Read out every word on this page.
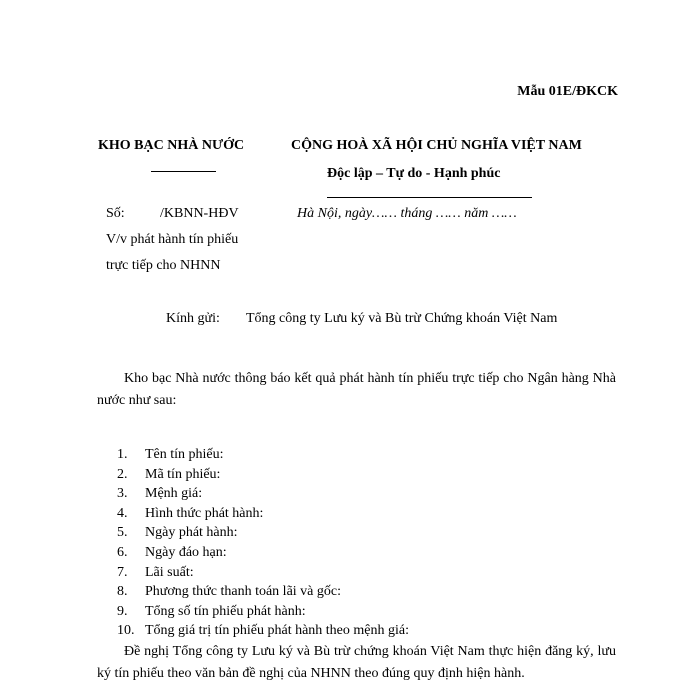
Mẫu 01E/ĐKCK
KHO BẠC NHÀ NƯỚC	CỘNG HOÀ XÃ HỘI CHỦ NGHĨA VIỆT NAM
Độc lập – Tự do - Hạnh phúc
Số:	/KBNN-HĐV
V/v phát hành tín phiếu
trực tiếp cho NHNN
Hà Nội, ngày…… tháng …… năm ……
Kính gửi: Tổng công ty Lưu ký và Bù trừ Chứng khoán Việt Nam
Kho bạc Nhà nước thông báo kết quả phát hành tín phiếu trực tiếp cho Ngân hàng Nhà nước như sau:
1. Tên tín phiếu:
2. Mã tín phiếu:
3. Mệnh giá:
4. Hình thức phát hành:
5. Ngày phát hành:
6. Ngày đáo hạn:
7. Lãi suất:
8. Phương thức thanh toán lãi và gốc:
9. Tổng số tín phiếu phát hành:
10. Tổng giá trị tín phiếu phát hành theo mệnh giá:
Đề nghị Tổng công ty Lưu ký và Bù trừ chứng khoán Việt Nam thực hiện đăng ký, lưu ký tín phiếu theo văn bản đề nghị của NHNN theo đúng quy định hiện hành.
